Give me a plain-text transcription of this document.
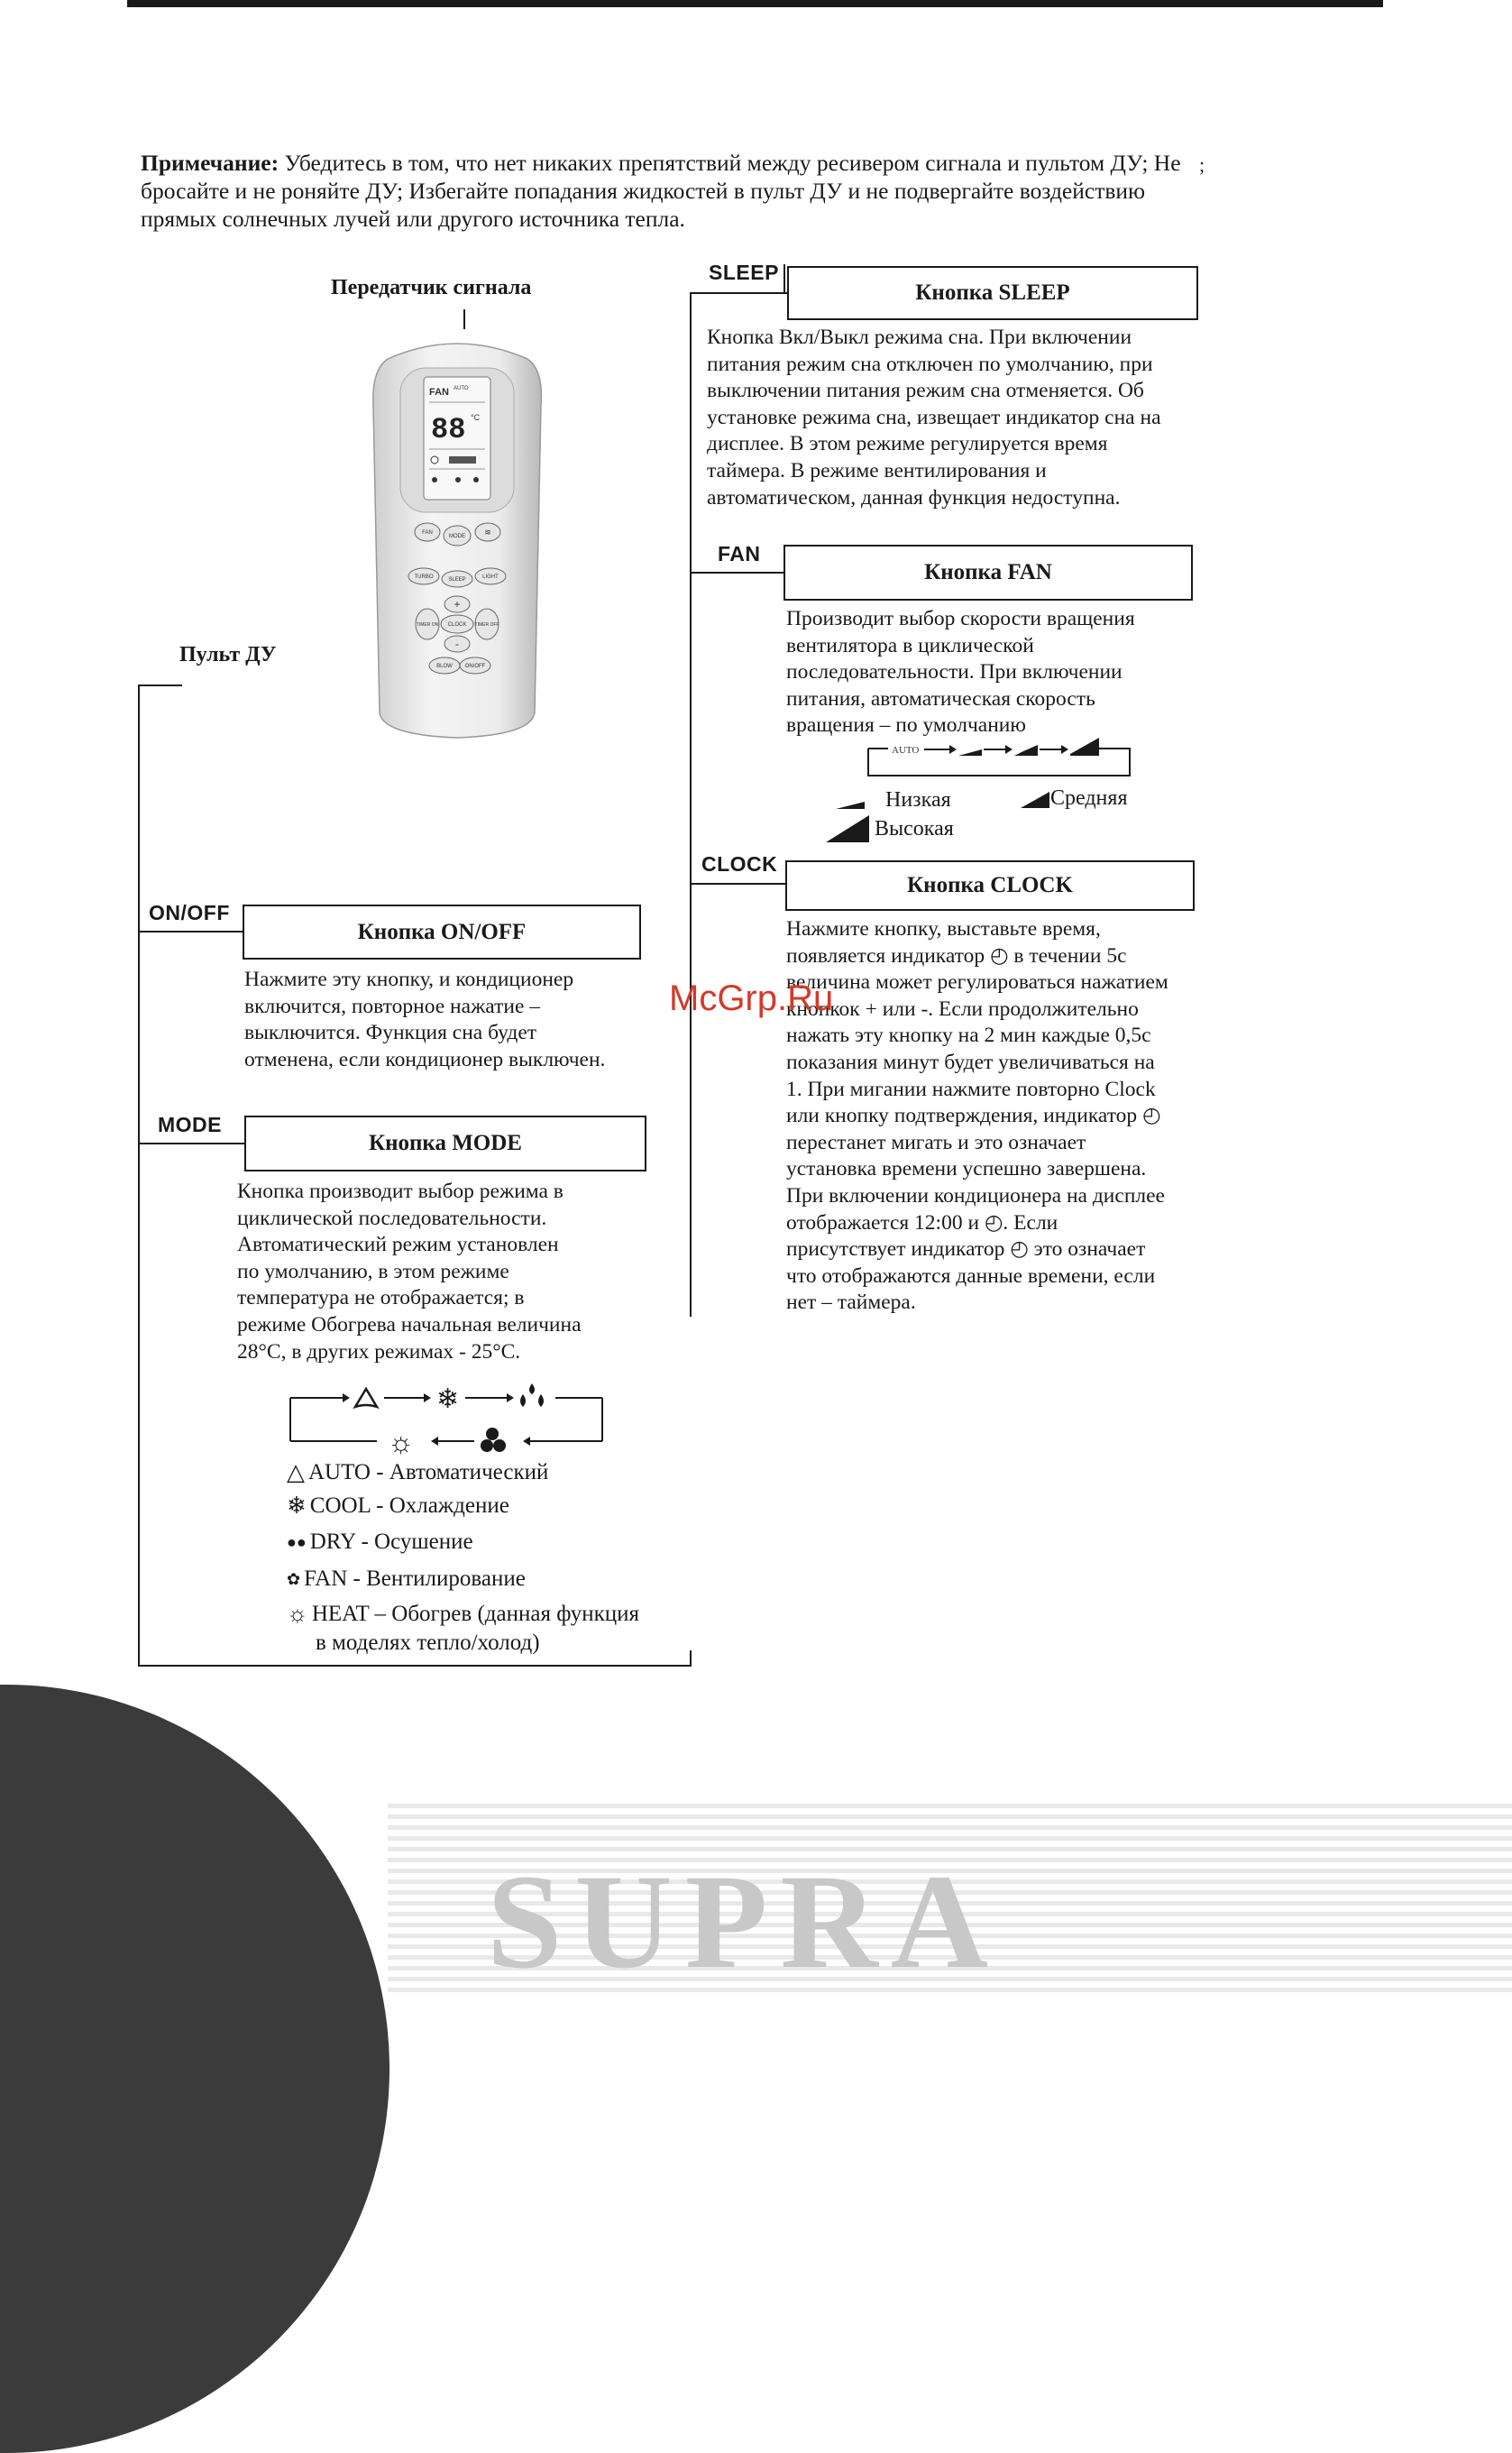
SUPRA
Примечание: Убедитесь в том, что нет никаких препятствий между ресивером сигнала и пультом ДУ; Не бросайте и не роняйте ДУ; Избегайте попадания жидкостей в пульт ДУ и не подвергайте воздействию прямых солнечных лучей или другого источника тепла.
;
Передатчик сигнала
Пульт ДУ
FAN AUTO
88 °C
FAN
MODE ≋
TURBO	SLEEP	LIGHT
+
-
TIMER ON CLOCK TIMER OFF
BLOW ON/OFF
SLEEP
Кнопка SLEEP
Кнопка Вкл/Выкл режима сна. При включении
питания режим сна отключен по умолчанию, при
выключении питания режим сна отменяется. Об
установке режима сна, извещает индикатор сна на
дисплее. В этом режиме регулируется время
таймера. В режиме вентилирования и
автоматическом, данная функция недоступна.
FAN
Кнопка FAN
Производит выбор скорости вращения
вентилятора в циклической
последовательности. При включении
питания, автоматическая скорость
вращения – по умолчанию
AUTO
Низкая	Средняя
Высокая
CLOCK
Кнопка CLOCK
Нажмите кнопку, выставьте время,
появляется индикатор ◴ в течении 5с
величина может регулироваться нажатием
кнопкок + или -. Если продолжительно
нажать эту кнопку на 2 мин каждые 0,5с
показания минут будет увеличиваться на
1. При мигании нажмите повторно Clock
или кнопку подтверждения, индикатор ◴
перестанет мигать и это означает
установка времени успешно завершена.
При включении кондиционера на дисплее
отображается 12:00 и ◴. Если
присутствует индикатор ◴ это означает
что отображаются данные времени, если
нет – таймера.
ON/OFF
Кнопка ON/OFF
Нажмите эту кнопку, и кондиционер
включится, повторное нажатие –
выключится. Функция сна будет
отменена, если кондиционер выключен.
McGrp.Ru
MODE
Кнопка MODE
Кнопка производит выбор режима в
циклической последовательности.
Автоматический режим установлен
по умолчанию, в этом режиме
температура не отображается; в
режиме Обогрева начальная величина
28°C, в других режимах - 25°C.
❄
☼
△ AUTO - Автоматический
❄ COOL - Охлаждение
●● DRY - Осушение
✿ FAN - Вентилирование
☼ HEAT – Обогрев (данная функция
в моделях тепло/холод)
